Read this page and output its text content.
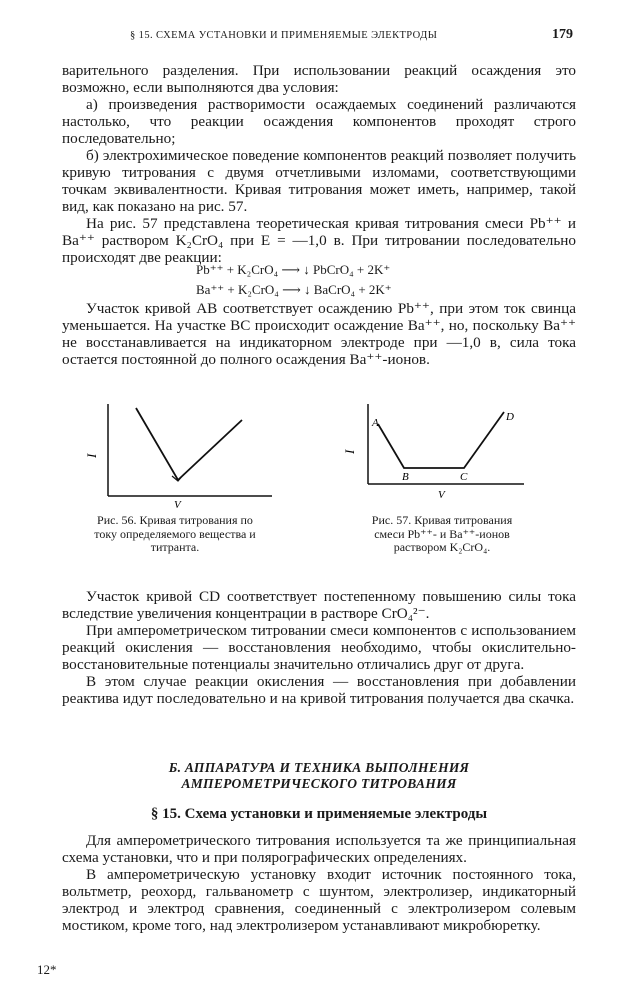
§ 15. СХЕМА УСТАНОВКИ И ПРИМЕНЯЕМЫЕ ЭЛЕКТРОДЫ	179

варительного разделения. При использовании реакций осаждения это возможно, если выполняются два условия:

а) произведения растворимости осаждаемых соединений различаются настолько, что реакции осаждения компонентов проходят строго последовательно;

б) электрохимическое поведение компонентов реакций позволяет получить кривую титрования с двумя отчетливыми изломами, соответствующими точкам эквивалентности. Кривая титрования может иметь, например, такой вид, как показано на рис. 57.

На рис. 57 представлена теоретическая кривая титрования смеси Pb⁺⁺ и Ba⁺⁺ раствором K₂CrO₄ при E = —1,0 в. При титровании последовательно происходят две реакции:

Pb⁺⁺ + K₂CrO₄ ⟶ ↓ PbCrO₄ + 2K⁺
Ba⁺⁺ + K₂CrO₄ ⟶ ↓ BaCrO₄ + 2K⁺
Участок кривой AB соответствует осаждению Pb⁺⁺, при этом ток свинца уменьшается. На участке BC происходит осаждение Ba⁺⁺, но, поскольку Ba⁺⁺ не восстанавливается на индикаторном электроде при —1,0 в, сила тока остается постоянной до полного осаждения Ba⁺⁺-ионов.
I
V
Рис. 56. Кривая титрования по току определяемого вещества и титранта.
I
A
B	C
D
V
Рис. 57. Кривая титрования смеси Pb⁺⁺- и Ba⁺⁺-ионов раствором K₂CrO₄.

Участок кривой CD соответствует постепенному повышению силы тока вследствие увеличения концентрации в растворе CrO₄²⁻.

При амперометрическом титровании смеси компонентов с использованием реакций окисления — восстановления необходимо, чтобы окислительно-восстановительные потенциалы значительно отличались друг от друга.

В этом случае реакции окисления — восстановления при добавлении реактива идут последовательно и на кривой титрования получается два скачка.

Б. АППАРАТУРА И ТЕХНИКА ВЫПОЛНЕНИЯ
АМПЕРОМЕТРИЧЕСКОГО ТИТРОВАНИЯ
§ 15. Схема установки и применяемые электроды

Для амперометрического титрования используется та же принципиальная схема установки, что и при полярографических определениях.

В амперометрическую установку входит источник постоянного тока, вольтметр, реохорд, гальванометр с шунтом, электролизер, индикаторный электрод и электрод сравнения, соединенный с электролизером солевым мостиком, кроме того, над электролизером устанавливают микробюретку.

12*
